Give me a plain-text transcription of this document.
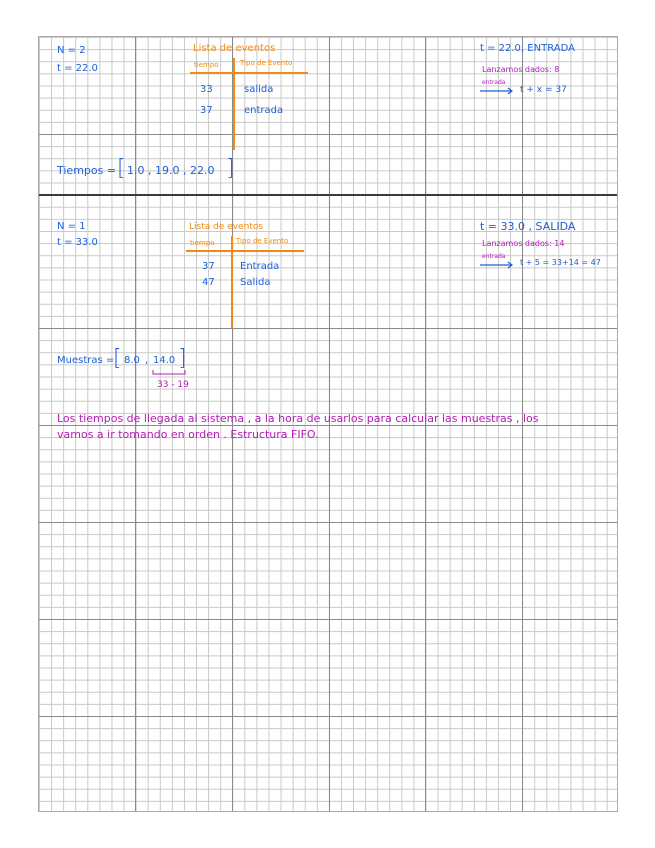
N = 2
t = 22.0
Lista de eventos
tiempo	Tipo de Evento
33	salida
37	entrada
t = 22.0, ENTRADA
Lanzamos dados: 8
entrada
t + x = 37
Tiempos = [ 1.0 , 19.0 , 22.0 ]
N = 1
t = 33.0
Lista de eventos
tiempo	Tipo de Evento
37	Entrada
47	Salida
t = 33.0 , SALIDA
Lanzamos dados: 14
entrada
t + 5 = 33+14 = 47
Muestras =
[ 8.0 , 14.0 ]
33 - 19
Los tiempos de llegada al sistema , a la hora de usarlos para calcular las muestras , los
vamos a ir tomando en orden . Estructura FIFO.
